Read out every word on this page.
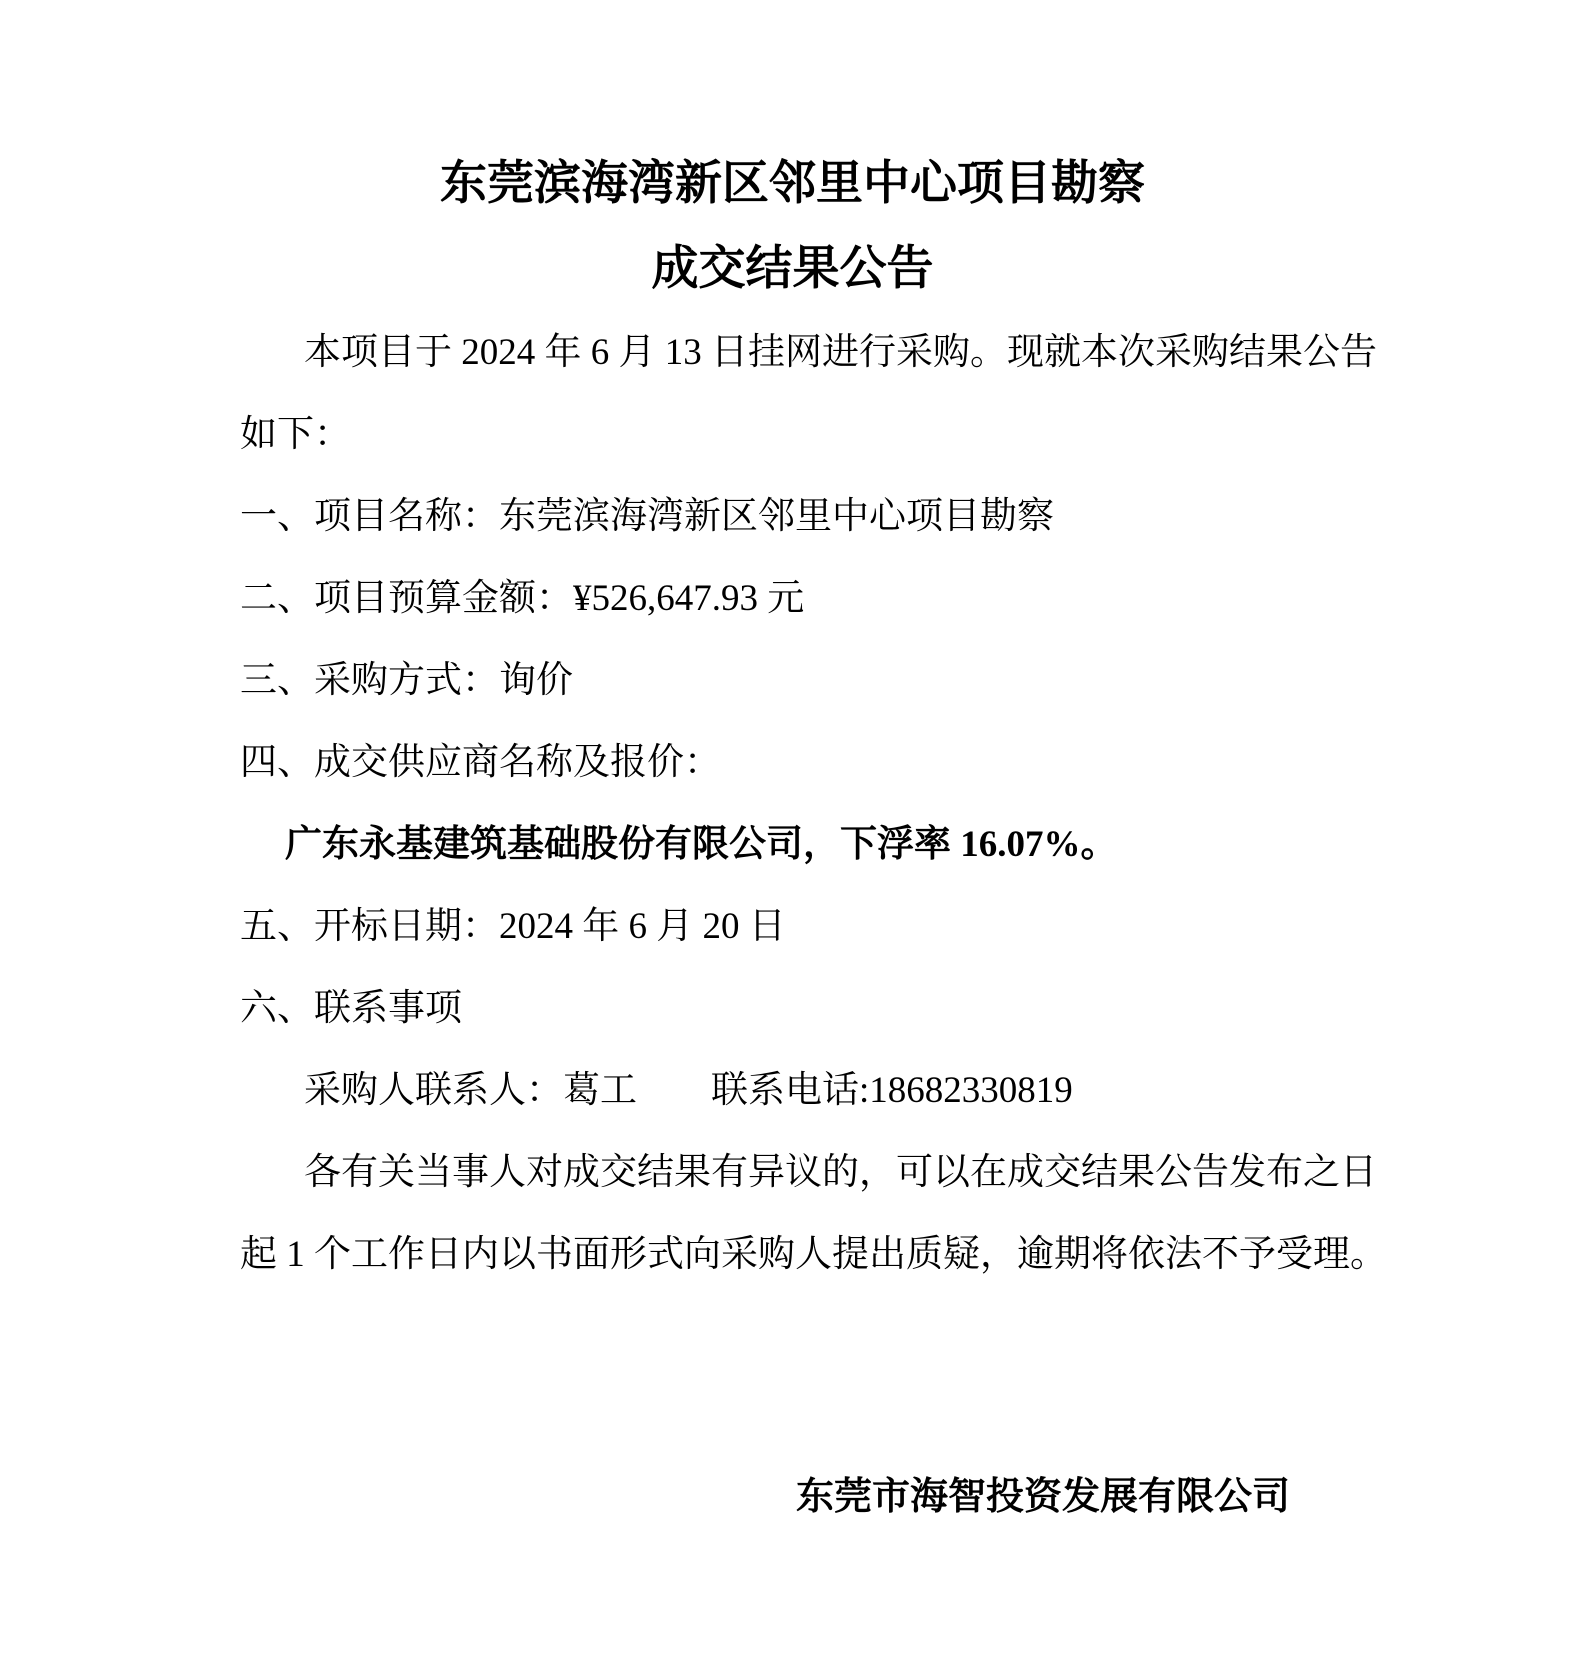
东莞滨海湾新区邻里中心项目勘察
成交结果公告
本项目于 2024 年 6 月 13 日挂网进行采购。现就本次采购结果公告
如下：
一、项目名称：东莞滨海湾新区邻里中心项目勘察
二、项目预算金额：¥526,647.93 元
三、采购方式：询价
四、成交供应商名称及报价：
广东永基建筑基础股份有限公司，下浮率 16.07%。
五、开标日期：2024 年 6 月 20 日
六、联系事项
采购人联系人：葛工　　联系电话:18682330819
各有关当事人对成交结果有异议的，可以在成交结果公告发布之日
起 1 个工作日内以书面形式向采购人提出质疑，逾期将依法不予受理。
东莞市海智投资发展有限公司
